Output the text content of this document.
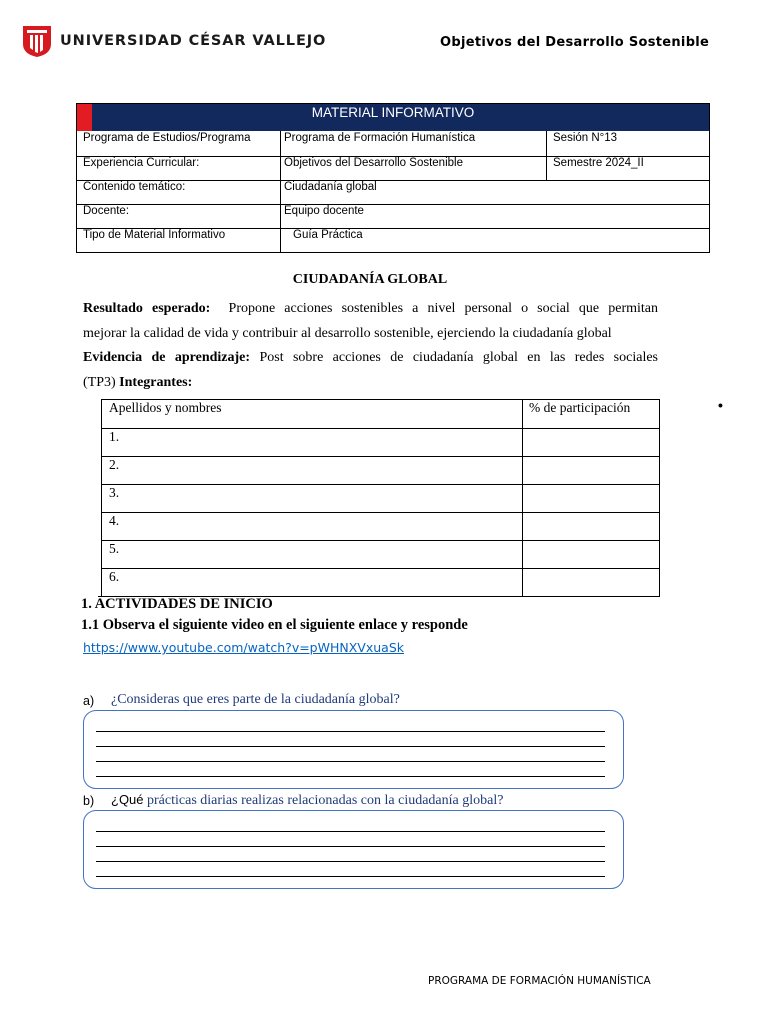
UNIVERSIDAD CÉSAR VALLEJO	Objetivos del Desarrollo Sostenible
MATERIAL INFORMATIVO
Programa de Estudios/Programa	Programa de Formación Humanística	Sesión N°13
Experiencia Curricular:	Objetivos del Desarrollo Sostenible	Semestre 2024_II
Contenido temático:	Ciudadanía global
Docente:	Equipo docente
Tipo de Material Informativo	Guía Práctica
CIUDADANÍA GLOBAL
Resultado esperado: Propone acciones sostenibles a nivel personal o social que permitan
mejorar la calidad de vida y contribuir al desarrollo sostenible, ejerciendo la ciudadanía global
Evidencia de aprendizaje: Post sobre acciones de ciudadanía global en las redes sociales
(TP3) Integrantes:
•
Apellidos y nombres	% de participación
1.
2.
3.
4.
5.
6.
1. ACTIVIDADES DE INICIO
1.1 Observa el siguiente video en el siguiente enlace y responde
https://www.youtube.com/watch?v=pWHNXVxuaSk
a) ¿Consideras que eres parte de la ciudadanía global?
b) ¿Qué prácticas diarias realizas relacionadas con la ciudadanía global?
PROGRAMA DE FORMACIÓN HUMANÍSTICA
